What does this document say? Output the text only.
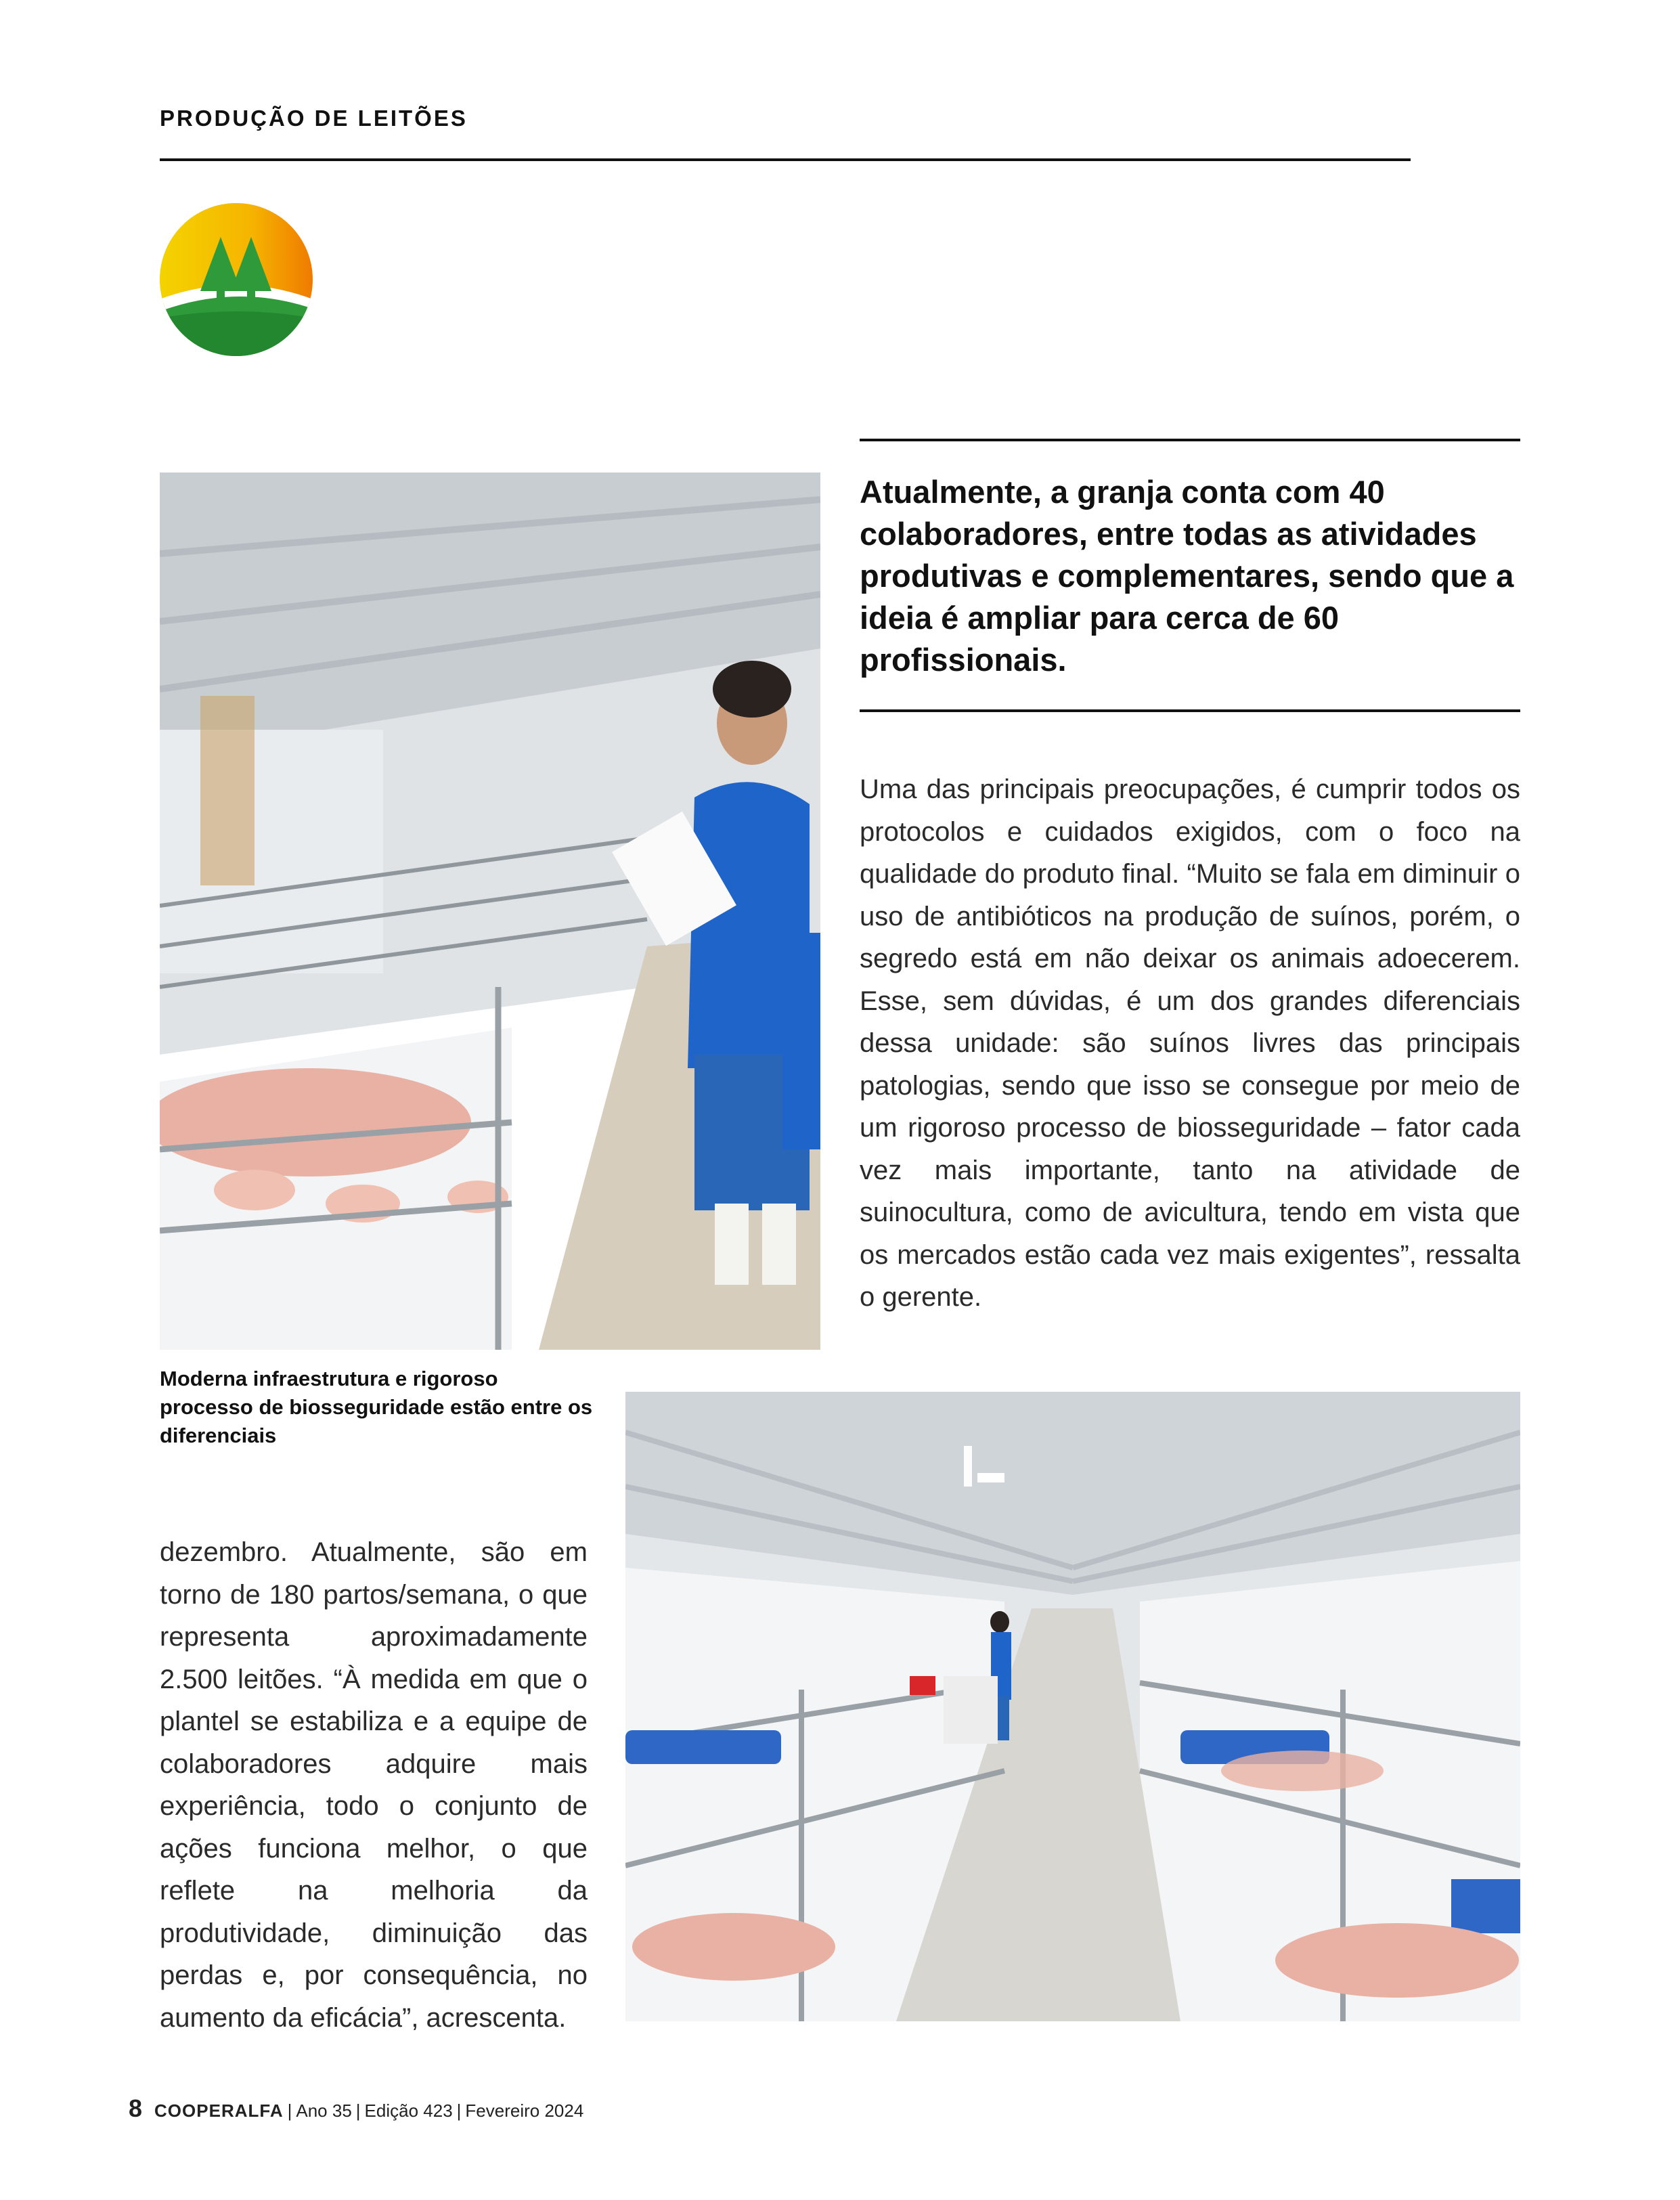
PRODUÇÃO DE LEITÕES
Atualmente, a granja conta com 40 colaboradores, entre todas as atividades produtivas e complementares, sendo que a ideia é ampliar para cerca de 60 profissionais.
Uma das principais preocupações, é cumprir todos os protocolos e cuidados exigidos, com o foco na qualidade do produto final. “Muito se fala em diminuir o uso de antibióticos na produção de suínos, porém, o segredo está em não deixar os animais adoecerem. Esse, sem dúvidas, é um dos grandes diferenciais dessa unidade: são suínos livres das principais patologias, sendo que isso se consegue por meio de um rigoroso processo de biosseguridade – fator cada vez mais importante, tanto na atividade de suinocultura, como de avicultura, tendo em vista que os mercados estão cada vez mais exigentes”, ressalta o gerente.
Moderna infraestrutura e rigoroso processo de biosseguridade estão entre os diferenciais
dezembro. Atualmente, são em torno de 180 partos/semana, o que representa aproximadamente 2.500 leitões. “À medida em que o plantel se estabiliza e a equipe de colaboradores adquire mais experiência, todo o conjunto de ações funciona melhor, o que reflete na melhoria da produtividade, diminuição das perdas e, por consequência, no aumento da eficácia”, acrescenta.
8 COOPERALFA | Ano 35 | Edição 423 | Fevereiro 2024
